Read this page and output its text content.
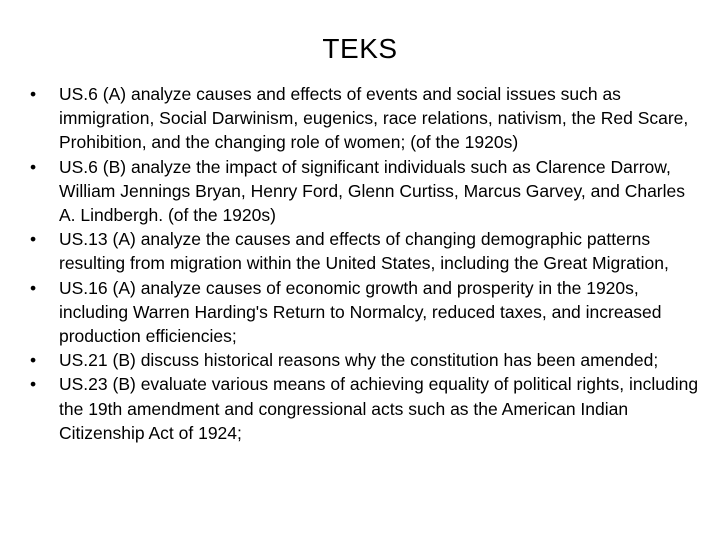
TEKS
•	US.6 (A) analyze causes and effects of events and social issues such as immigration, Social Darwinism, eugenics, race relations, nativism, the Red Scare, Prohibition, and the changing role of women; (of the 1920s)
•	US.6 (B) analyze the impact of significant individuals such as Clarence Darrow, William Jennings Bryan, Henry Ford, Glenn Curtiss, Marcus Garvey, and Charles A. Lindbergh. (of the 1920s)
•	US.13 (A) analyze the causes and effects of changing demographic patterns resulting from migration within the United States, including the Great Migration,
•	US.16 (A) analyze causes of economic growth and prosperity in the 1920s, including Warren Harding's Return to Normalcy, reduced taxes, and increased production efficiencies;
•	US.21 (B) discuss historical reasons why the constitution has been amended;
•	US.23 (B) evaluate various means of achieving equality of political rights, including the 19th amendment and congressional acts such as the American Indian Citizenship Act of 1924;
